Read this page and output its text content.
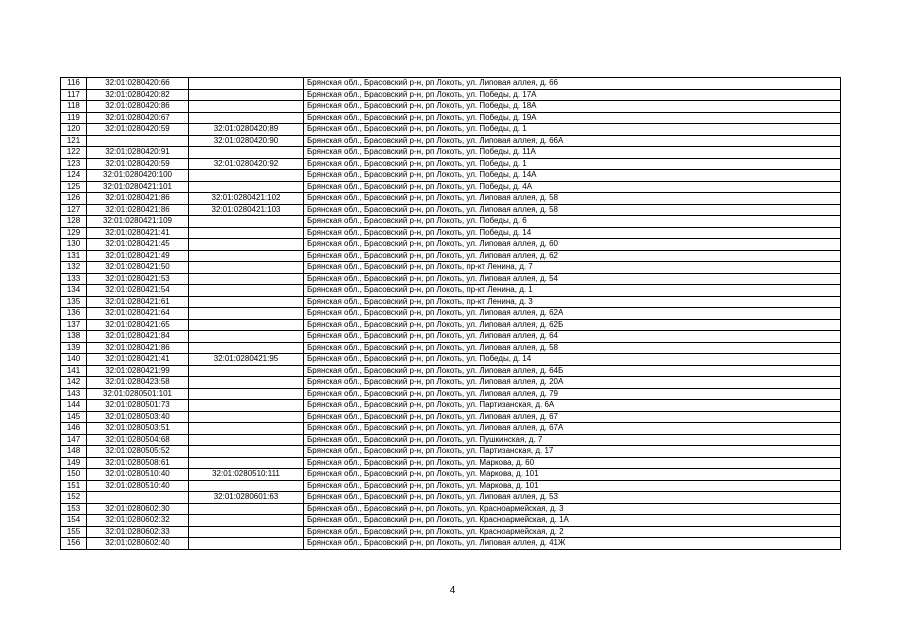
116	32:01:0280420:66		Брянская обл., Брасовский р-н, рп Локоть, ул. Липовая аллея, д. 66
117	32:01:0280420:82		Брянская обл., Брасовский р-н, рп Локоть, ул. Победы, д. 17А
118	32:01:0280420:86		Брянская обл., Брасовский р-н, рп Локоть, ул. Победы, д. 18А
119	32:01:0280420:67		Брянская обл., Брасовский р-н, рп Локоть, ул. Победы, д. 19А
120	32:01:0280420:59	32:01:0280420:89	Брянская обл., Брасовский р-н, рп Локоть, ул. Победы, д. 1
121		32:01:0280420:90	Брянская обл., Брасовский р-н, рп Локоть, ул. Липовая аллея, д. 66А
122	32:01:0280420:91		Брянская обл., Брасовский р-н, рп Локоть, ул. Победы, д. 11А
123	32:01:0280420:59	32:01:0280420:92	Брянская обл., Брасовский р-н, рп Локоть, ул. Победы, д. 1
124	32:01:0280420:100		Брянская обл., Брасовский р-н, рп Локоть, ул. Победы, д. 14А
125	32:01:0280421:101		Брянская обл., Брасовский р-н, рп Локоть, ул. Победы, д. 4А
126	32:01:0280421:86	32:01:0280421:102	Брянская обл., Брасовский р-н, рп Локоть, ул. Липовая аллея, д. 58
127	32:01:0280421:86	32:01:0280421:103	Брянская обл., Брасовский р-н, рп Локоть, ул. Липовая аллея, д. 58
128	32:01:0280421:109		Брянская обл., Брасовский р-н, рп Локоть, ул. Победы, д. 6
129	32:01:0280421:41		Брянская обл., Брасовский р-н, рп Локоть, ул. Победы, д. 14
130	32:01:0280421:45		Брянская обл., Брасовский р-н, рп Локоть, ул. Липовая аллея, д. 60
131	32:01:0280421:49		Брянская обл., Брасовский р-н, рп Локоть, ул. Липовая аллея, д. 62
132	32:01:0280421:50		Брянская обл., Брасовский р-н, рп Локоть, пр-кт Ленина, д. 7
133	32:01:0280421:53		Брянская обл., Брасовский р-н, рп Локоть, ул. Липовая аллея, д. 54
134	32:01:0280421:54		Брянская обл., Брасовский р-н, рп Локоть, пр-кт Ленина, д. 1
135	32:01:0280421:61		Брянская обл., Брасовский р-н, рп Локоть, пр-кт Ленина, д. 3
136	32:01:0280421:64		Брянская обл., Брасовский р-н, рп Локоть, ул. Липовая аллея, д. 62А
137	32:01:0280421:65		Брянская обл., Брасовский р-н, рп Локоть, ул. Липовая аллея, д. 62Б
138	32:01:0280421:84		Брянская обл., Брасовский р-н, рп Локоть, ул. Липовая аллея, д. 64
139	32:01:0280421:86		Брянская обл., Брасовский р-н, рп Локоть, ул. Липовая аллея, д. 58
140	32:01:0280421:41	32:01:0280421:95	Брянская обл., Брасовский р-н, рп Локоть, ул. Победы, д. 14
141	32:01:0280421:99		Брянская обл., Брасовский р-н, рп Локоть, ул. Липовая аллея, д. 64Б
142	32:01:0280423:58		Брянская обл., Брасовский р-н, рп Локоть, ул. Липовая аллея, д. 20А
143	32:01:0280501:101		Брянская обл., Брасовский р-н, рп Локоть, ул. Липовая аллея, д. 79
144	32:01:0280501:73		Брянская обл., Брасовский р-н, рп Локоть, ул. Партизанская, д. 6А
145	32:01:0280503:40		Брянская обл., Брасовский р-н, рп Локоть, ул. Липовая аллея, д. 67
146	32:01:0280503:51		Брянская обл., Брасовский р-н, рп Локоть, ул. Липовая аллея, д. 67А
147	32:01:0280504:68		Брянская обл., Брасовский р-н, рп Локоть, ул. Пушкинская, д. 7
148	32:01:0280505:52		Брянская обл., Брасовский р-н, рп Локоть, ул. Партизанская, д. 17
149	32:01:0280508:61		Брянская обл., Брасовский р-н, рп Локоть, ул. Маркова, д. 60
150	32:01:0280510:40	32:01:0280510:111	Брянская обл., Брасовский р-н, рп Локоть, ул. Маркова, д. 101
151	32:01:0280510:40		Брянская обл., Брасовский р-н, рп Локоть, ул. Маркова, д. 101
152		32:01:0280601:63	Брянская обл., Брасовский р-н, рп Локоть, ул. Липовая аллея, д. 53
153	32:01:0280602:30		Брянская обл., Брасовский р-н, рп Локоть, ул. Красноармейская, д. 3
154	32:01:0280602:32		Брянская обл., Брасовский р-н, рп Локоть, ул. Красноармейская, д. 1А
155	32:01:0280602:33		Брянская обл., Брасовский р-н, рп Локоть, ул. Красноармейская, д. 2
156	32:01:0280602:40		Брянская обл., Брасовский р-н, рп Локоть, ул. Липовая аллея, д. 41Ж
4
